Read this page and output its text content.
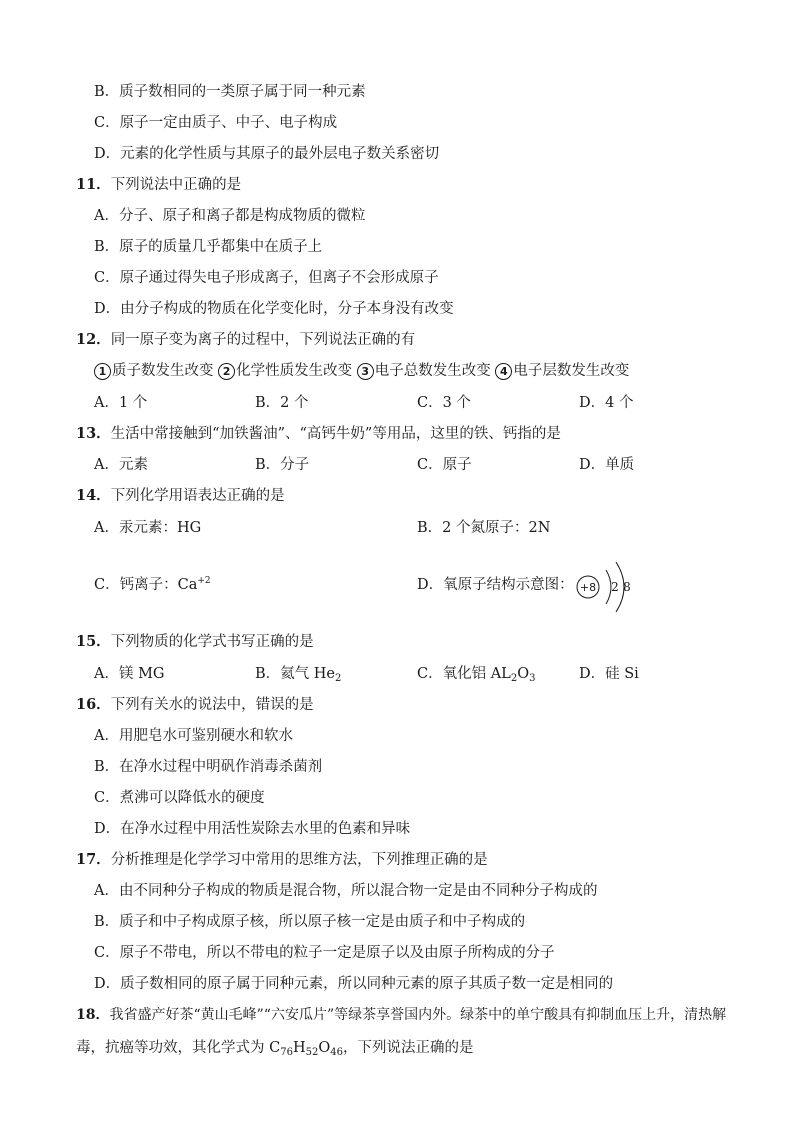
B．质子数相同的一类原子属于同一种元素
C．原子一定由质子、中子、电子构成
D．元素的化学性质与其原子的最外层电子数关系密切
11．下列说法中正确的是
A．分子、原子和离子都是构成物质的微粒
B．原子的质量几乎都集中在质子上
C．原子通过得失电子形成离子，但离子不会形成原子
D．由分子构成的物质在化学变化时，分子本身没有改变
12．同一原子变为离子的过程中，下列说法正确的有
1 质子数发生改变 2 化学性质发生改变 3 电子总数发生改变 4 电子层数发生改变
A．1 个	B．2 个	C．3 个	D．4 个
13．生活中常接触到“加铁酱油”、“高钙牛奶”等用品，这里的铁、钙指的是
A．元素	B．分子	C．原子	D．单质
14．下列化学用语表达正确的是
A．汞元素：HG	B．2 个氮原子：2N
C．钙离子：$Ca^{+2}$	D．氧原子结构示意图： +8 2 8
15．下列物质的化学式书写正确的是
A．镁 MG	B．氦气 $He_2$	C．氧化铝 $AL_2O_3$	D．硅 Si
16．下列有关水的说法中，错误的是
A．用肥皂水可鉴别硬水和软水
B．在净水过程中明矾作消毒杀菌剂
C．煮沸可以降低水的硬度
D．在净水过程中用活性炭除去水里的色素和异味
17．分析推理是化学学习中常用的思维方法，下列推理正确的是
A．由不同种分子构成的物质是混合物，所以混合物一定是由不同种分子构成的
B．质子和中子构成原子核，所以原子核一定是由质子和中子构成的
C．原子不带电，所以不带电的粒子一定是原子以及由原子所构成的分子
D．质子数相同的原子属于同种元素，所以同种元素的原子其质子数一定是相同的
18．我省盛产好茶“黄山毛峰”“六安瓜片”等绿茶享誉国内外。绿茶中的单宁酸具有抑制血压上升，清热解
毒，抗癌等功效，其化学式为 $C_{76}H_{52}O_{46}$，下列说法正确的是
